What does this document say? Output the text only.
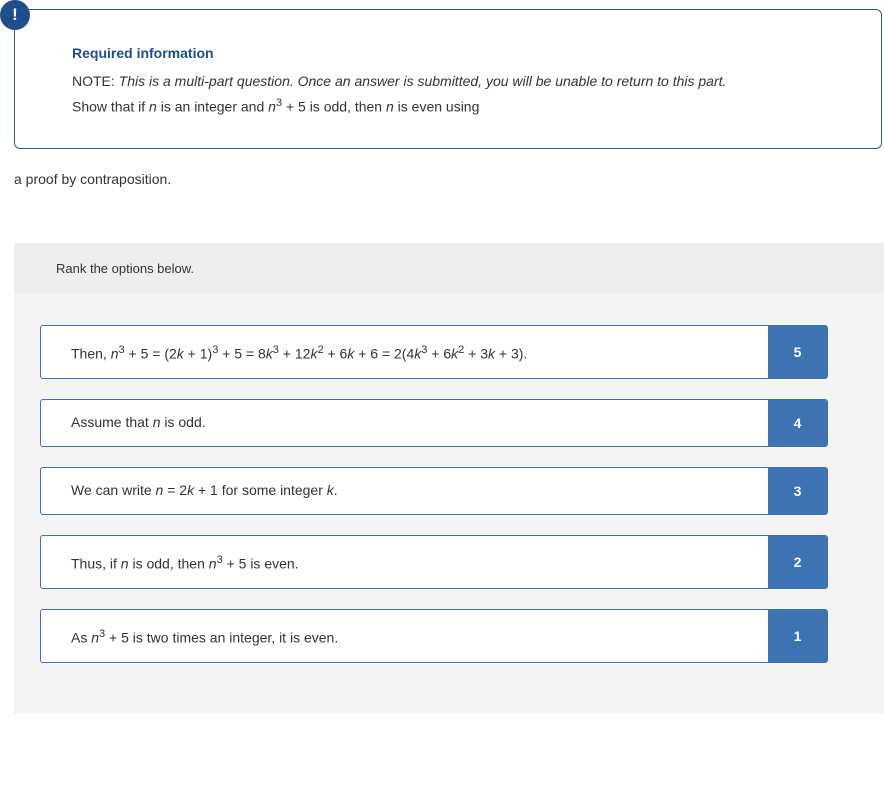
Required information
NOTE: This is a multi-part question. Once an answer is submitted, you will be unable to return to this part.
Show that if n is an integer and $n^3 + 5$ is odd, then n is even using
!
a proof by contraposition.
Rank the options below.
Then, $n^3 + 5 = (2k + 1)^3 + 5 = 8k^3 + 12k^2 + 6k + 6 = 2(4k^3 + 6k^2 + 3k + 3)$.	5
Assume that n is odd.	4
We can write n = 2k + 1 for some integer k.	3
Thus, if n is odd, then $n^3 + 5$ is even.	2
As $n^3 + 5$ is two times an integer, it is even.	1
